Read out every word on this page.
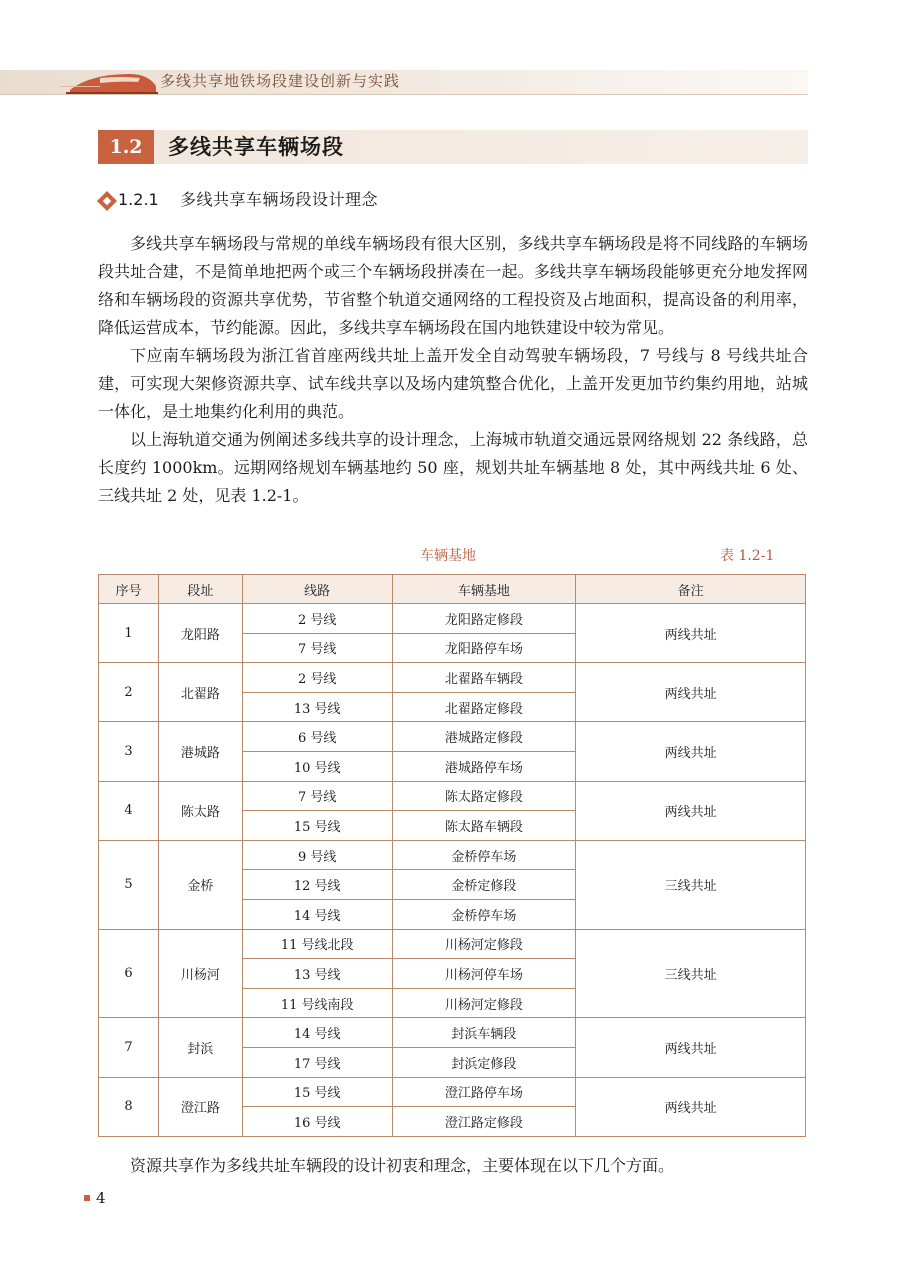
多线共享地铁场段建设创新与实践
1.2	多线共享车辆场段
1.2.1 多线共享车辆场段设计理念

多线共享车辆场段与常规的单线车辆场段有很大区别，多线共享车辆场段是将不同线路的车辆场段共址合建，不是简单地把两个或三个车辆场段拼凑在一起。多线共享车辆场段能够更充分地发挥网络和车辆场段的资源共享优势，节省整个轨道交通网络的工程投资及占地面积，提高设备的利用率，降低运营成本，节约能源。因此，多线共享车辆场段在国内地铁建设中较为常见。

下应南车辆场段为浙江省首座两线共址上盖开发全自动驾驶车辆场段，7 号线与 8 号线共址合建，可实现大架修资源共享、试车线共享以及场内建筑整合优化，上盖开发更加节约集约用地，站城一体化，是土地集约化利用的典范。

以上海轨道交通为例阐述多线共享的设计理念，上海城市轨道交通远景网络规划 22 条线路，总长度约 1000km。远期网络规划车辆基地约 50 座，规划共址车辆基地 8 处，其中两线共址 6 处、三线共址 2 处，见表 1.2-1。

车辆基地	表 1.2-1
序号	段址	线路	车辆基地	备注
1	龙阳路	2 号线	龙阳路定修段	两线共址
		7 号线	龙阳路停车场	
2	北翟路	2 号线	北翟路车辆段	两线共址
		13 号线	北翟路定修段	
3	港城路	6 号线	港城路定修段	两线共址
		10 号线	港城路停车场	
4	陈太路	7 号线	陈太路定修段	两线共址
		15 号线	陈太路车辆段	
5	金桥	9 号线	金桥停车场	三线共址
		12 号线	金桥定修段	
		14 号线	金桥停车场	
6	川杨河	11 号线北段	川杨河定修段	三线共址
		13 号线	川杨河停车场	
		11 号线南段	川杨河定修段	
7	封浜	14 号线	封浜车辆段	两线共址
		17 号线	封浜定修段	
8	澄江路	15 号线	澄江路停车场	两线共址
		16 号线	澄江路定修段	

资源共享作为多线共址车辆段的设计初衷和理念，主要体现在以下几个方面。

4
